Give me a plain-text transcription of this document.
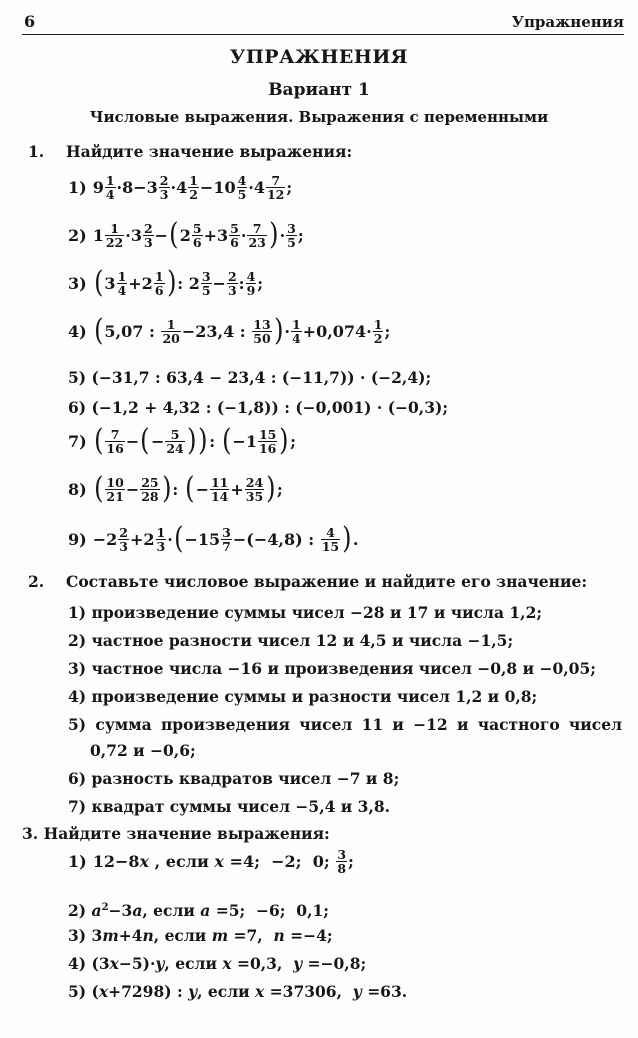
6	Упражнения
УПРАЖНЕНИЯ
Вариант 1
Числовые выражения. Выражения с переменными
1. Найдите значение выражения:
1) $9 \frac{1}{4} \cdot 8-3 \frac{2}{3} \cdot 4 \frac{1}{2} -10 \frac{4}{5} \cdot 4 \frac{7}{12}$ ;
2) $1 \frac{1}{22} \cdot 3 \frac{2}{3}$ − ( $2 \frac{5}{6} +3 \frac{5}{6} \cdot \frac{7}{23}$ ) · $\frac{3}{5}$ ;
3) ( $3 \frac{1}{4} +2 \frac{1}{6}$ ) : $2 \frac{3}{5} - \frac{2}{3}$ : $\frac{4}{9}$ ;
4) ( 5,07 : $\frac{1}{20} -23,4$ : $\frac{13}{50}$ ) · $\frac{1}{4} +0,074\cdot \frac{1}{2}$ ;
5) (−31,7 : 63,4 − 23,4 : (−11,7)) · (−2,4);
6) (−1,2 + 4,32 : (−1,8)) : (−0,001) · (−0,3);
7) ( $\frac{7}{16}$ − ( − $\frac{5}{24}$ ) ) : ( $-1 \frac{15}{16}$ ) ;
8) ( $\frac{10}{21} - \frac{25}{28}$ ) : ( − $\frac{11}{14} + \frac{24}{35}$ ) ;
$9) -2 \frac{2}{3} +2 \frac{1}{3}$ · ( $-15 \frac{3}{7} -(-4,8)$ : $\frac{4}{15}$ ) .
2. Составьте числовое выражение и найдите его значение:
1) произведение суммы чисел −28 и 17 и числа 1,2;
2) частное разности чисел 12 и 4,5 и числа −1,5;
3) частное числа −16 и произведения чисел −0,8 и −0,05;
4) произведение суммы и разности чисел 1,2 и 0,8;
5) сумма произведения чисел 11 и −12 и частного чисел
0,72 и −0,6;
6) разность квадратов чисел −7 и 8;
7) квадрат суммы чисел −5,4 и 3,8.
3. Найдите значение выражения:
1) 12−8 x , если x =4;  −2;  0; $\frac{3}{8}$ ;
2) $a^2-3a$, если a =5;  −6;  0,1;
3) 3m+4n, если m =7,  n =−4;
4) (3x−5)·y, если x =0,3,  y =−0,8;
5) (x+7298) : y, если x =37306,  y =63.
